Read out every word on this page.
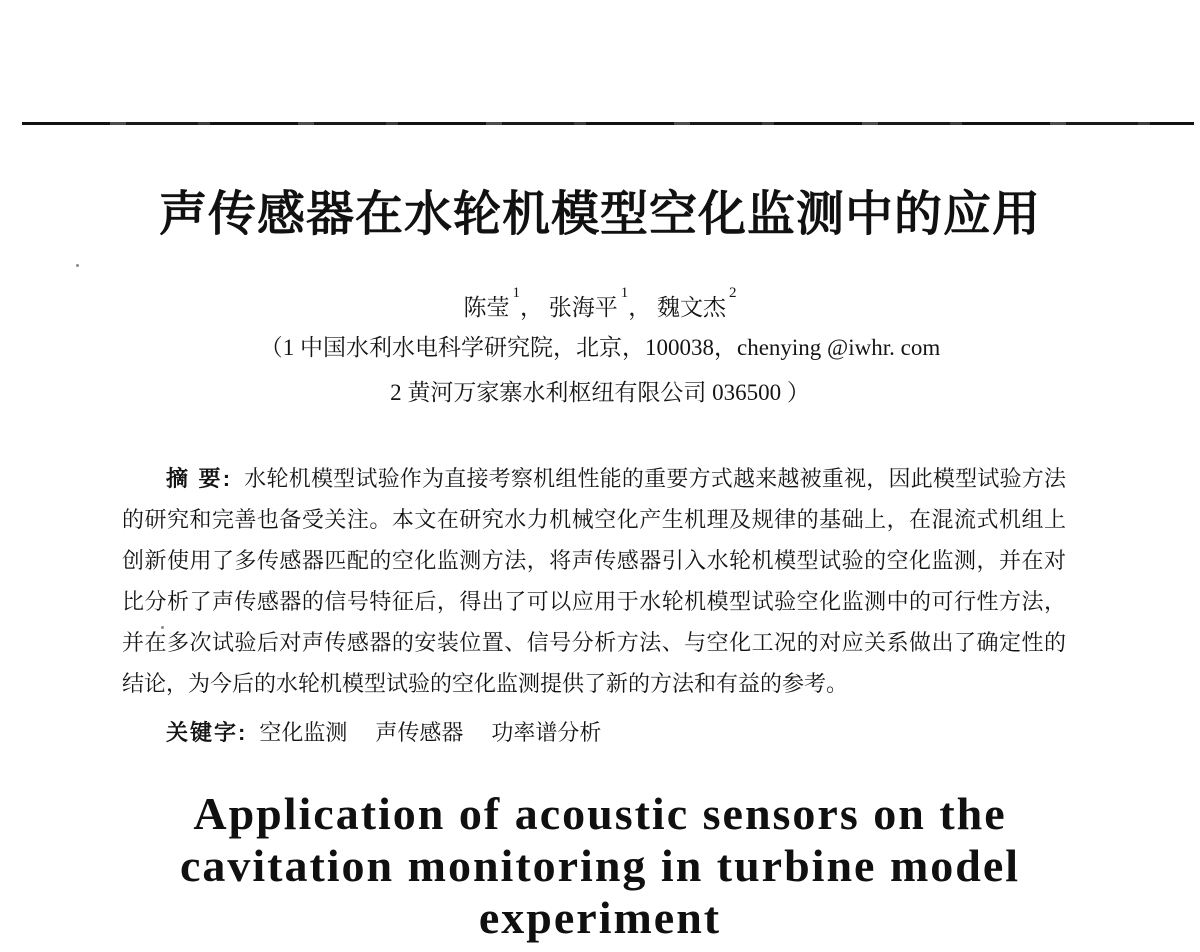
声传感器在水轮机模型空化监测中的应用
陈莹$^1$， 张海平$^1$， 魏文杰$^2$
（1 中国水利水电科学研究院，北京，100038，chenying @iwhr. com
2 黄河万家寨水利枢纽有限公司 036500 ）

摘 要: 水轮机模型试验作为直接考察机组性能的重要方式越来越被重视，因此模型试验方法

的研究和完善也备受关注。本文在研究水力机械空化产生机理及规律的基础上，在混流式机组上

创新使用了多传感器匹配的空化监测方法，将声传感器引入水轮机模型试验的空化监测，并在对

比分析了声传感器的信号特征后，得出了可以应用于水轮机模型试验空化监测中的可行性方法，

并在多次试验后对声传感器的安装位置、信号分析方法、与空化工况的对应关系做出了确定性的

结论，为今后的水轮机模型试验的空化监测提供了新的方法和有益的参考。

关键字: 空化监测 声传感器 功率谱分析

Application of acoustic sensors on the
cavitation monitoring in turbine model
experiment
